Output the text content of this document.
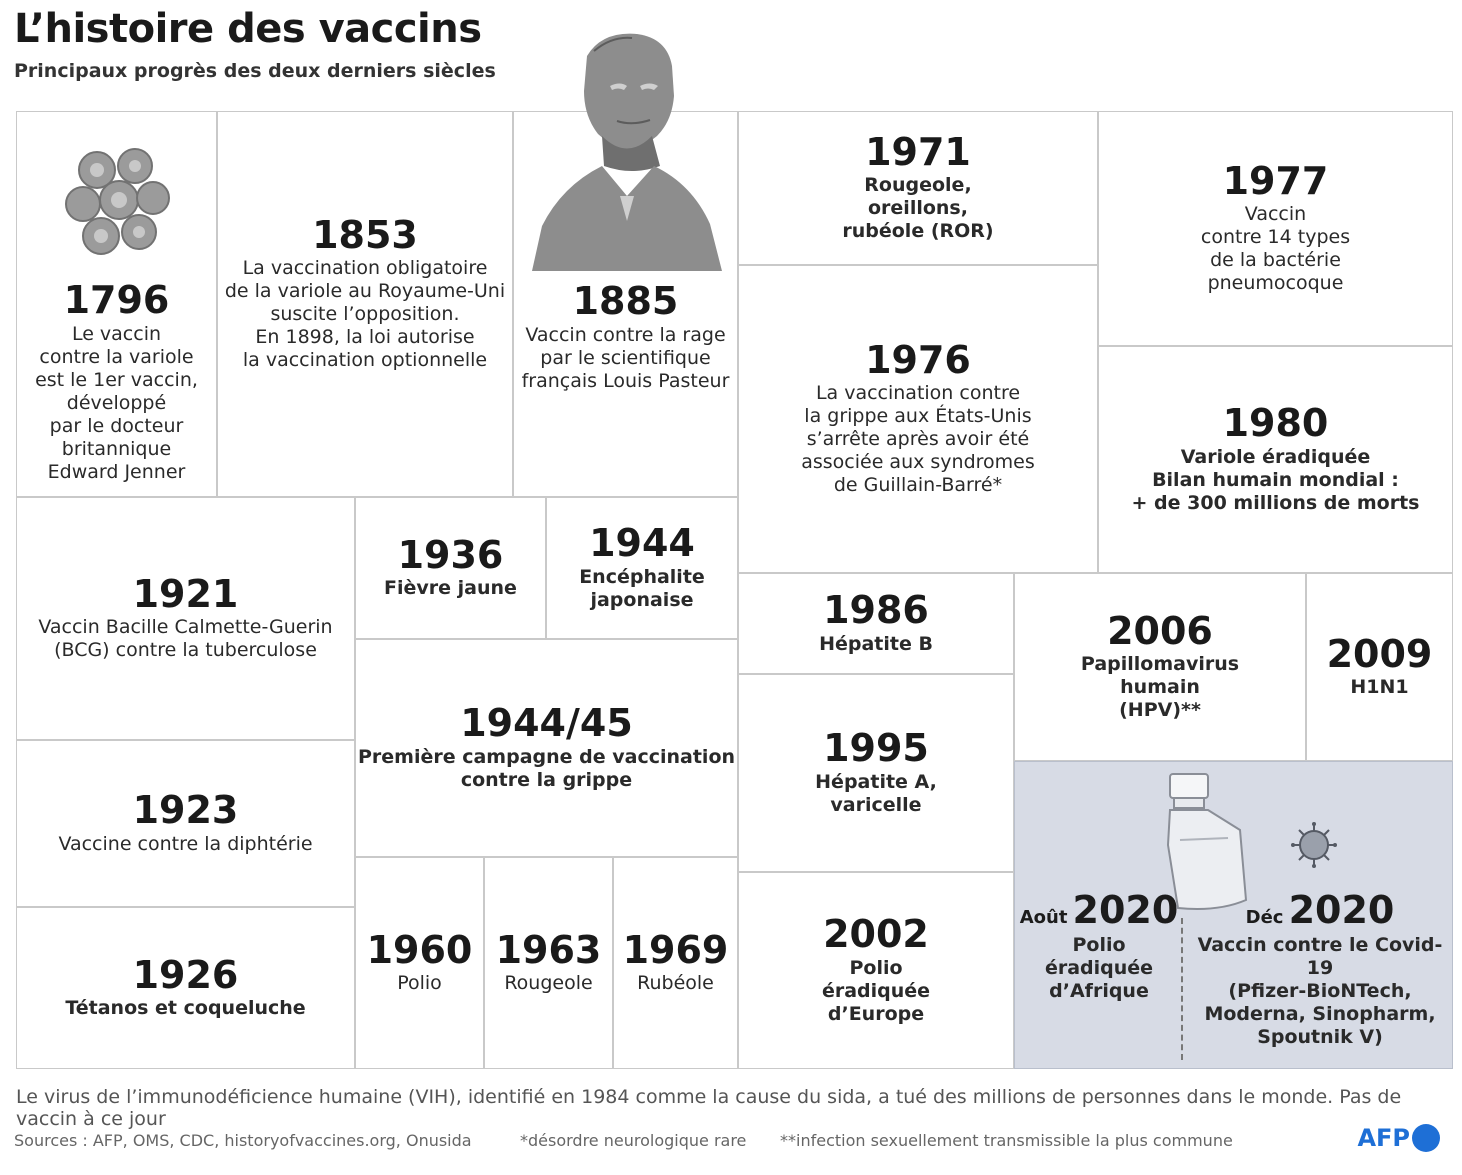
L’histoire des vaccins
Principaux progrès des deux derniers siècles
1796
Le vaccin
contre la variole
est le 1er vaccin,
développé
par le docteur
britannique
Edward Jenner
1921
Vaccin Bacille Calmette-Guerin
(BCG) contre la tuberculose
1923
Vaccine contre la diphtérie
1926
Tétanos et coqueluche
1853
La vaccination obligatoire
de la variole au Royaume-Uni
suscite l’opposition.
En 1898, la loi autorise
la vaccination optionnelle
1885
Vaccin contre la rage
par le scientifique
français Louis Pasteur
1936
Fièvre jaune
1944
Encéphalite
japonaise
1944/45
Première campagne de vaccination
contre la grippe
1960
Polio
1963
Rougeole
1969
Rubéole
1971
Rougeole,
oreillons,
rubéole (ROR)
1976
La vaccination contre
la grippe aux États-Unis
s’arrête après avoir été
associée aux syndromes
de Guillain-Barré*
1977
Vaccin
contre 14 types
de la bactérie
pneumocoque
1980
Variole éradiquée
Bilan humain mondial :
+ de 300 millions de morts
1986
Hépatite B
1995
Hépatite A,
varicelle
2002
Polio
éradiquée
d’Europe
2006
Papillomavirus
humain
(HPV)**
2009
H1N1
Août 2020
Polio
éradiquée
d’Afrique
Déc 2020
Vaccin contre le Covid-19
(Pfizer-BioNTech,
Moderna, Sinopharm,
Spoutnik V)
Le virus de l’immunodéficience humaine (VIH), identifié en 1984 comme la cause du sida, a tué des millions de personnes dans le monde. Pas de vaccin à ce jour
Sources : AFP, OMS, CDC, historyofvaccines.org, Onusida	*désordre neurologique rare **infection sexuellement transmissible la plus commune	AFP
